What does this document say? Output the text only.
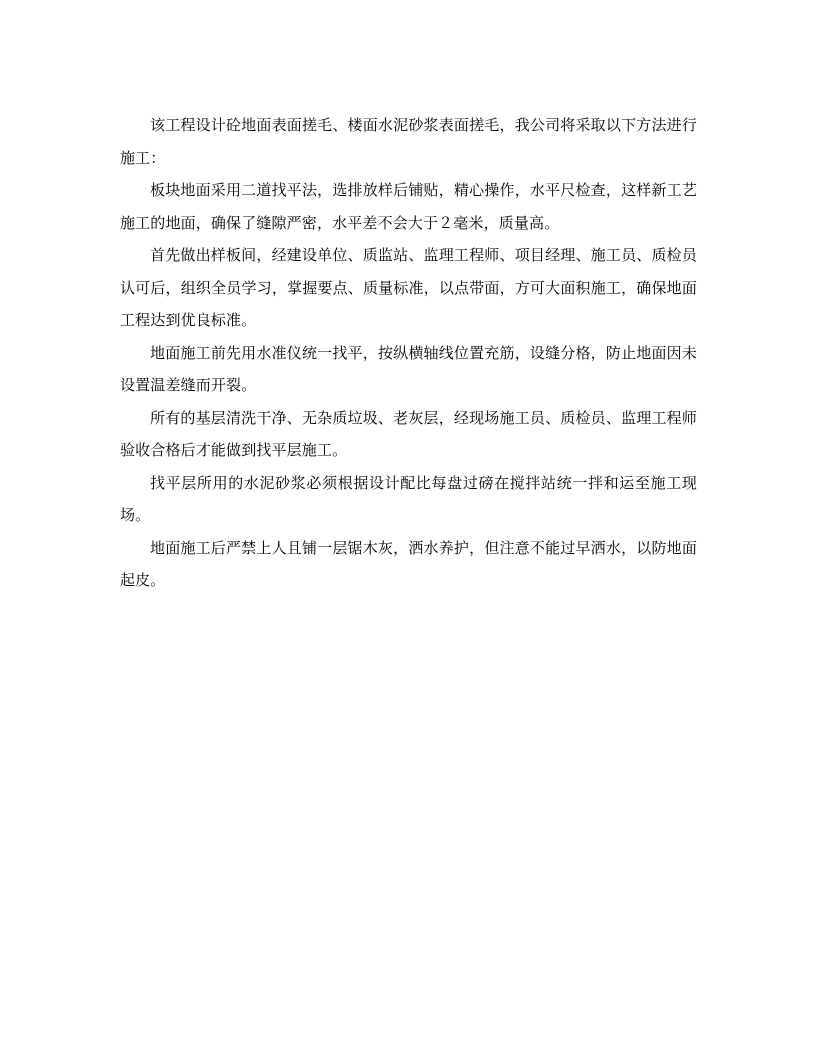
该工程设计砼地面表面搓毛、楼面水泥砂浆表面搓毛，我公司将采取以下方法进行施工：

板块地面采用二道找平法，选排放样后铺贴，精心操作，水平尺检查，这样新工艺施工的地面，确保了缝隙严密，水平差不会大于２毫米，质量高。

首先做出样板间，经建设单位、质监站、监理工程师、项目经理、施工员、质检员认可后，组织全员学习，掌握要点、质量标准，以点带面，方可大面积施工，确保地面工程达到优良标准。

地面施工前先用水准仪统一找平，按纵横轴线位置充筋，设缝分格，防止地面因未设置温差缝而开裂。

所有的基层清洗干净、无杂质垃圾、老灰层，经现场施工员、质检员、监理工程师验收合格后才能做到找平层施工。

找平层所用的水泥砂浆必须根据设计配比每盘过磅在搅拌站统一拌和运至施工现场。

地面施工后严禁上人且铺一层锯木灰，洒水养护，但注意不能过早洒水，以防地面起皮。
